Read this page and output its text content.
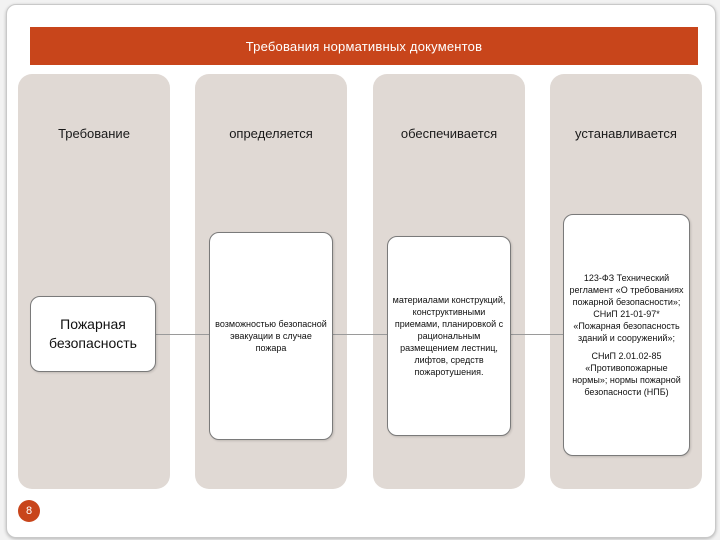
Требования нормативных документов
Требование	определяется	обеспечивается	устанавливается
Пожарная безопасность
возможностью безопасной эвакуации в случае пожара
материалами конструкций, конструктивными приемами, планировкой с рациональным размещением лестниц, лифтов, средств пожаротушения.

123-ФЗ Технический регламент «О требованиях пожарной безопасности»; СНиП 21-01-97* «Пожарная безопасность зданий и сооружений»;

СНиП 2.01.02-85 «Противопожарные нормы»; нормы пожарной безопасности (НПБ)

8
